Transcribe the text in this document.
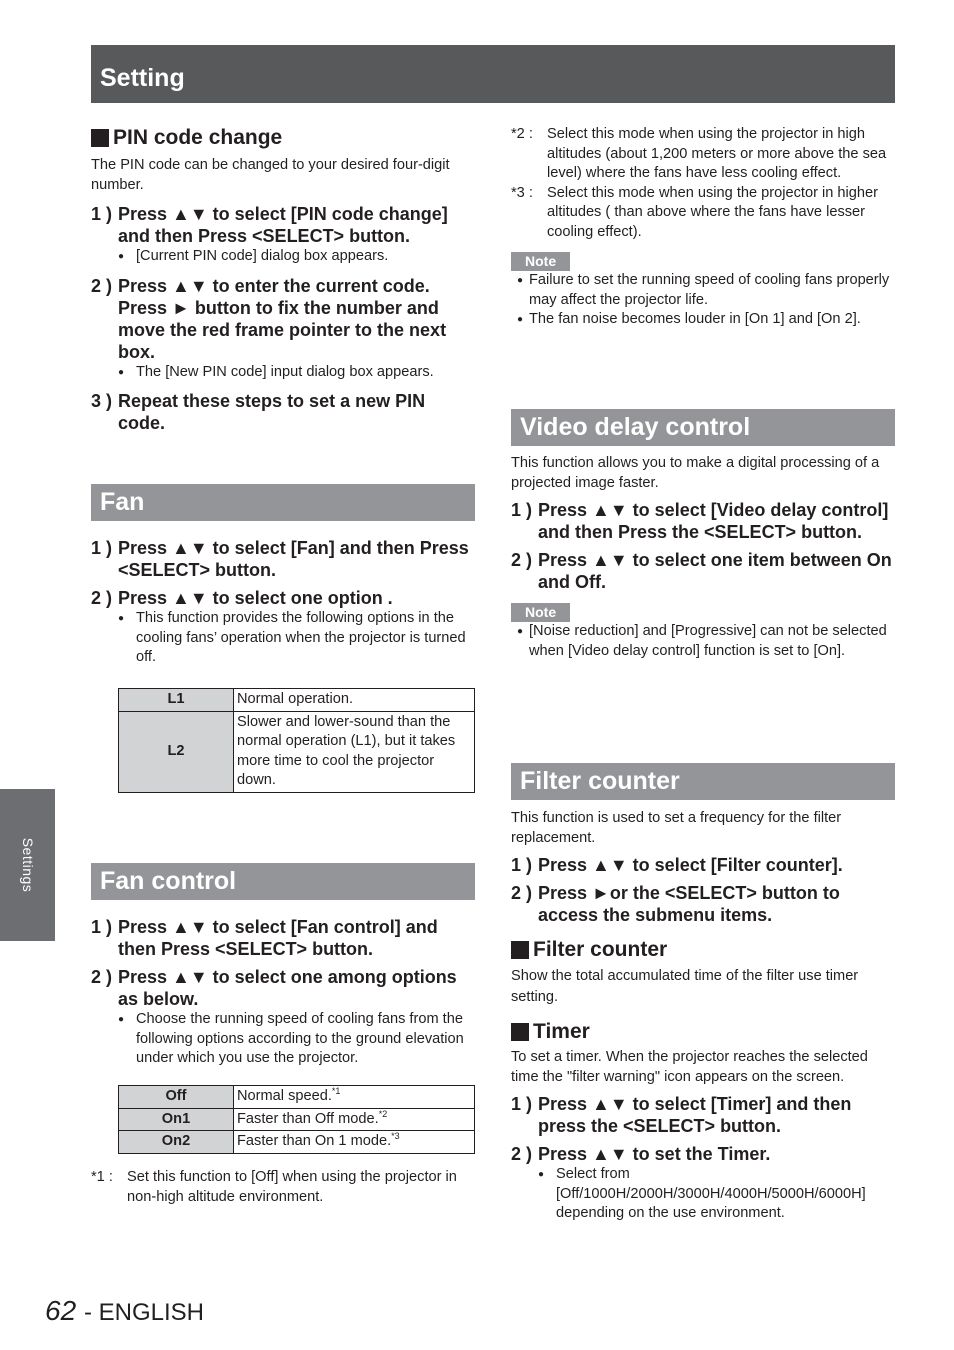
Setting
Settings
PIN code change
The PIN code can be changed to your desired four-digit number.
1 ) Press ▲▼ to select [PIN code change] and then Press <SELECT> button.
● [Current PIN code] dialog box appears.
2 ) Press ▲▼ to enter the current code. Press ► button to fix the number and move the red frame pointer to the next box.
● The [New PIN code] input dialog box appears.
3 ) Repeat these steps to set a new PIN code.
Fan
1 ) Press ▲▼ to select [Fan] and then Press <SELECT> button.
2 ) Press ▲▼ to select one option .
● This function provides the following options in the cooling fans’ operation when the projector is turned off.
L1	Normal operation.
L2	Slower and lower-sound than the normal operation (L1), but it takes more time to cool the projector down.
Fan control
1 ) Press ▲▼ to select [Fan control] and then Press <SELECT> button.
2 ) Press ▲▼ to select one among options as below.
● Choose the running speed of cooling fans from the following options according to the ground elevation under which you use the projector.
Off	Normal speed.$^{*1}$
On1	Faster than Off mode.$^{*2}$
On2	Faster than On 1 mode.$^{*3}$
*1 : Set this function to [Off] when using the projector in non-high altitude environment.
*2 : Select this mode when using the projector in high altitudes (about 1,200 meters or more above the sea level) where the fans have less cooling effect.
*3 : Select this mode when using the projector in higher altitudes ( than above where the fans have lesser cooling effect).
Note
● Failure to set the running speed of cooling fans properly may affect the projector life.
● The fan noise becomes louder in [On 1] and [On 2].
Video delay control
This function allows you to make a digital processing of a projected image faster.
1 ) Press ▲▼ to select [Video delay control] and then Press the <SELECT> button.
2 ) Press ▲▼ to select one item between On and Off.
Note
● [Noise reduction] and [Progressive] can not be selected when [Video delay control] function is set to [On].
Filter counter
This function is used to set a frequency for the filter replacement.
1 ) Press ▲▼ to select [Filter counter].
2 ) Press ►or the <SELECT> button to access the submenu items.
Filter counter
Show the total accumulated time of the filter use timer setting.
Timer
To set a timer. When the projector reaches the selected time the "filter warning" icon appears on the screen.
1 ) Press ▲▼ to select [Timer] and then press the <SELECT> button.
2 ) Press ▲▼ to set the Timer.
● Select from [Off/1000H/2000H/3000H/4000H/5000H/6000H] depending on the use environment.
62 - ENGLISH
